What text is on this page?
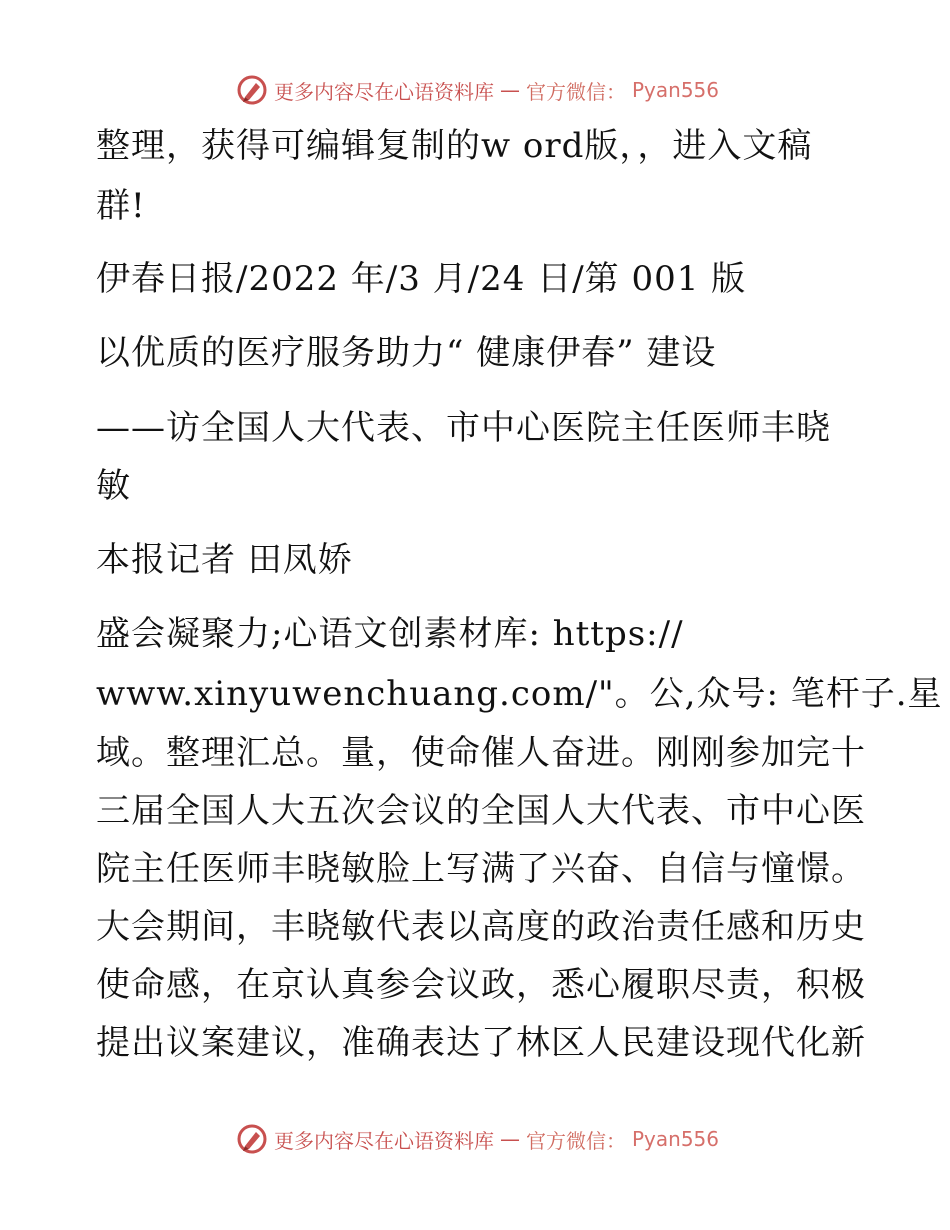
更多内容尽在心语资料库 — 官方微信： Pyan556
整理，获得可编辑复制的w ord版，，进入文稿
群!
伊春日报/2022 年/3 月/24 日/第 001 版
以优质的医疗服务助力“ 健康伊春” 建设
——访全国人大代表、市中心医院主任医师丰晓
敏
本报记者 田凤娇
盛会凝聚力;心语文创素材库: https://
www.xinyuwenchuang.com/"。公,众号: 笔杆子.星
域。整理汇总。量，使命催人奋进。刚刚参加完十
三届全国人大五次会议的全国人大代表、市中心医
院主任医师丰晓敏脸上写满了兴奋、自信与憧憬。
大会期间，丰晓敏代表以高度的政治责任感和历史
使命感，在京认真参会议政，悉心履职尽责，积极
提出议案建议，准确表达了林区人民建设现代化新
更多内容尽在心语资料库 — 官方微信： Pyan556
